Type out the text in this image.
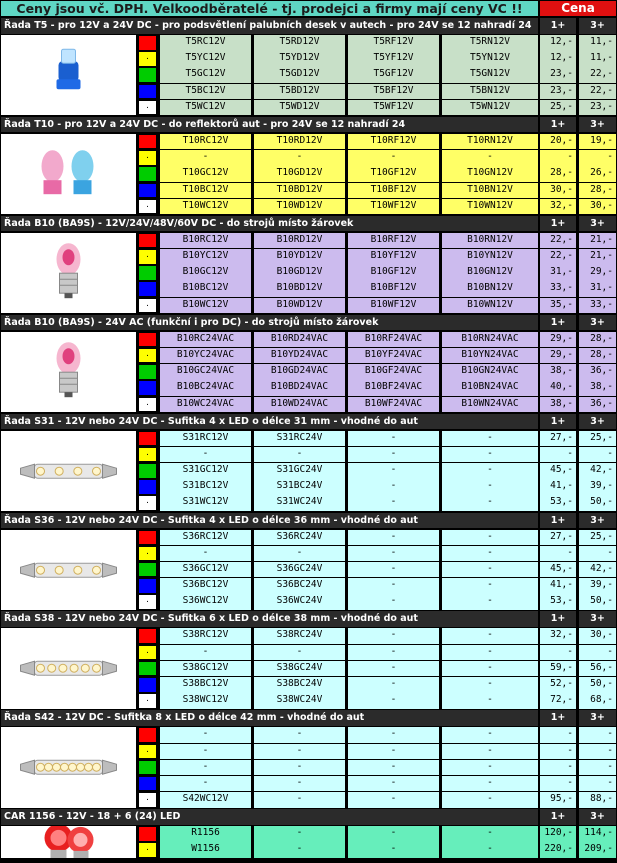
Ceny jsou vč. DPH. Velkoodběratelé - tj. prodejci a firmy mají ceny VC !!	Cena
Řada T5 - pro 12V a 24V DC - pro podsvětlení palubních desek v autech - pro 24V se 12 nahradí 24	1+	3+
T5RC12V	T5RD12V	T5RF12V	T5RN12V	12,-	11,-
.	T5YC12V	T5YD12V	T5YF12V	T5YN12V	12,-	11,-
T5GC12V	T5GD12V	T5GF12V	T5GN12V	23,-	22,-
T5BC12V	T5BD12V	T5BF12V	T5BN12V	23,-	22,-
.	T5WC12V	T5WD12V	T5WF12V	T5WN12V	25,-	23,-
Řada T10 - pro 12V a 24V DC - do reflektorů aut - pro 24V se 12 nahradí 24	1+	3+
T10RC12V	T10RD12V	T10RF12V	T10RN12V	20,-	19,-
.	-	-	-	-	-	-
T10GC12V	T10GD12V	T10GF12V	T10GN12V	28,-	26,-
T10BC12V	T10BD12V	T10BF12V	T10BN12V	30,-	28,-
.	T10WC12V	T10WD12V	T10WF12V	T10WN12V	32,-	30,-
Řada B10 (BA9S) - 12V/24V/48V/60V DC - do strojů místo žárovek	1+	3+
B10RC12V	B10RD12V	B10RF12V	B10RN12V	22,-	21,-
.	B10YC12V	B10YD12V	B10YF12V	B10YN12V	22,-	21,-
B10GC12V	B10GD12V	B10GF12V	B10GN12V	31,-	29,-
B10BC12V	B10BD12V	B10BF12V	B10BN12V	33,-	31,-
.	B10WC12V	B10WD12V	B10WF12V	B10WN12V	35,-	33,-
Řada B10 (BA9S) - 24V AC (funkční i pro DC) - do strojů místo žárovek	1+	3+
B10RC24VAC	B10RD24VAC	B10RF24VAC	B10RN24VAC	29,-	28,-
.	B10YC24VAC	B10YD24VAC	B10YF24VAC	B10YN24VAC	29,-	28,-
B10GC24VAC	B10GD24VAC	B10GF24VAC	B10GN24VAC	38,-	36,-
B10BC24VAC	B10BD24VAC	B10BF24VAC	B10BN24VAC	40,-	38,-
.	B10WC24VAC	B10WD24VAC	B10WF24VAC	B10WN24VAC	38,-	36,-
Řada S31 - 12V nebo 24V DC - Sufitka 4 x LED o délce 31 mm - vhodné do aut	1+	3+
S31RC12V	S31RC24V	-	-	27,-	25,-
.	-	-	-	-	-	-
S31GC12V	S31GC24V	-	-	45,-	42,-
S31BC12V	S31BC24V	-	-	41,-	39,-
.	S31WC12V	S31WC24V	-	-	53,-	50,-
Řada S36 - 12V nebo 24V DC - Sufitka 4 x LED o délce 36 mm - vhodné do aut	1+	3+
S36RC12V	S36RC24V	-	-	27,-	25,-
.	-	-	-	-	-	-
S36GC12V	S36GC24V	-	-	45,-	42,-
S36BC12V	S36BC24V	-	-	41,-	39,-
.	S36WC12V	S36WC24V	-	-	53,-	50,-
Řada S38 - 12V nebo 24V DC - Sufitka 6 x LED o délce 38 mm - vhodné do aut	1+	3+
S38RC12V	S38RC24V	-	-	32,-	30,-
.	-	-	-	-	-	-
S38GC12V	S38GC24V	-	-	59,-	56,-
S38BC12V	S38BC24V	-	-	52,-	50,-
.	S38WC12V	S38WC24V	-	-	72,-	68,-
Řada S42 - 12V DC - Sufitka 8 x LED o délce 42 mm - vhodné do aut	1+	3+
-	-	-	-	-	-
.	-	-	-	-	-	-
-	-	-	-	-	-
-	-	-	-	-	-
.	S42WC12V	-	-	-	95,-	88,-
CAR 1156 - 12V - 18 + 6 (24) LED	1+	3+
R1156	-	-	-	120,-	114,-
.	W1156	-	-	-	220,-	209,-
